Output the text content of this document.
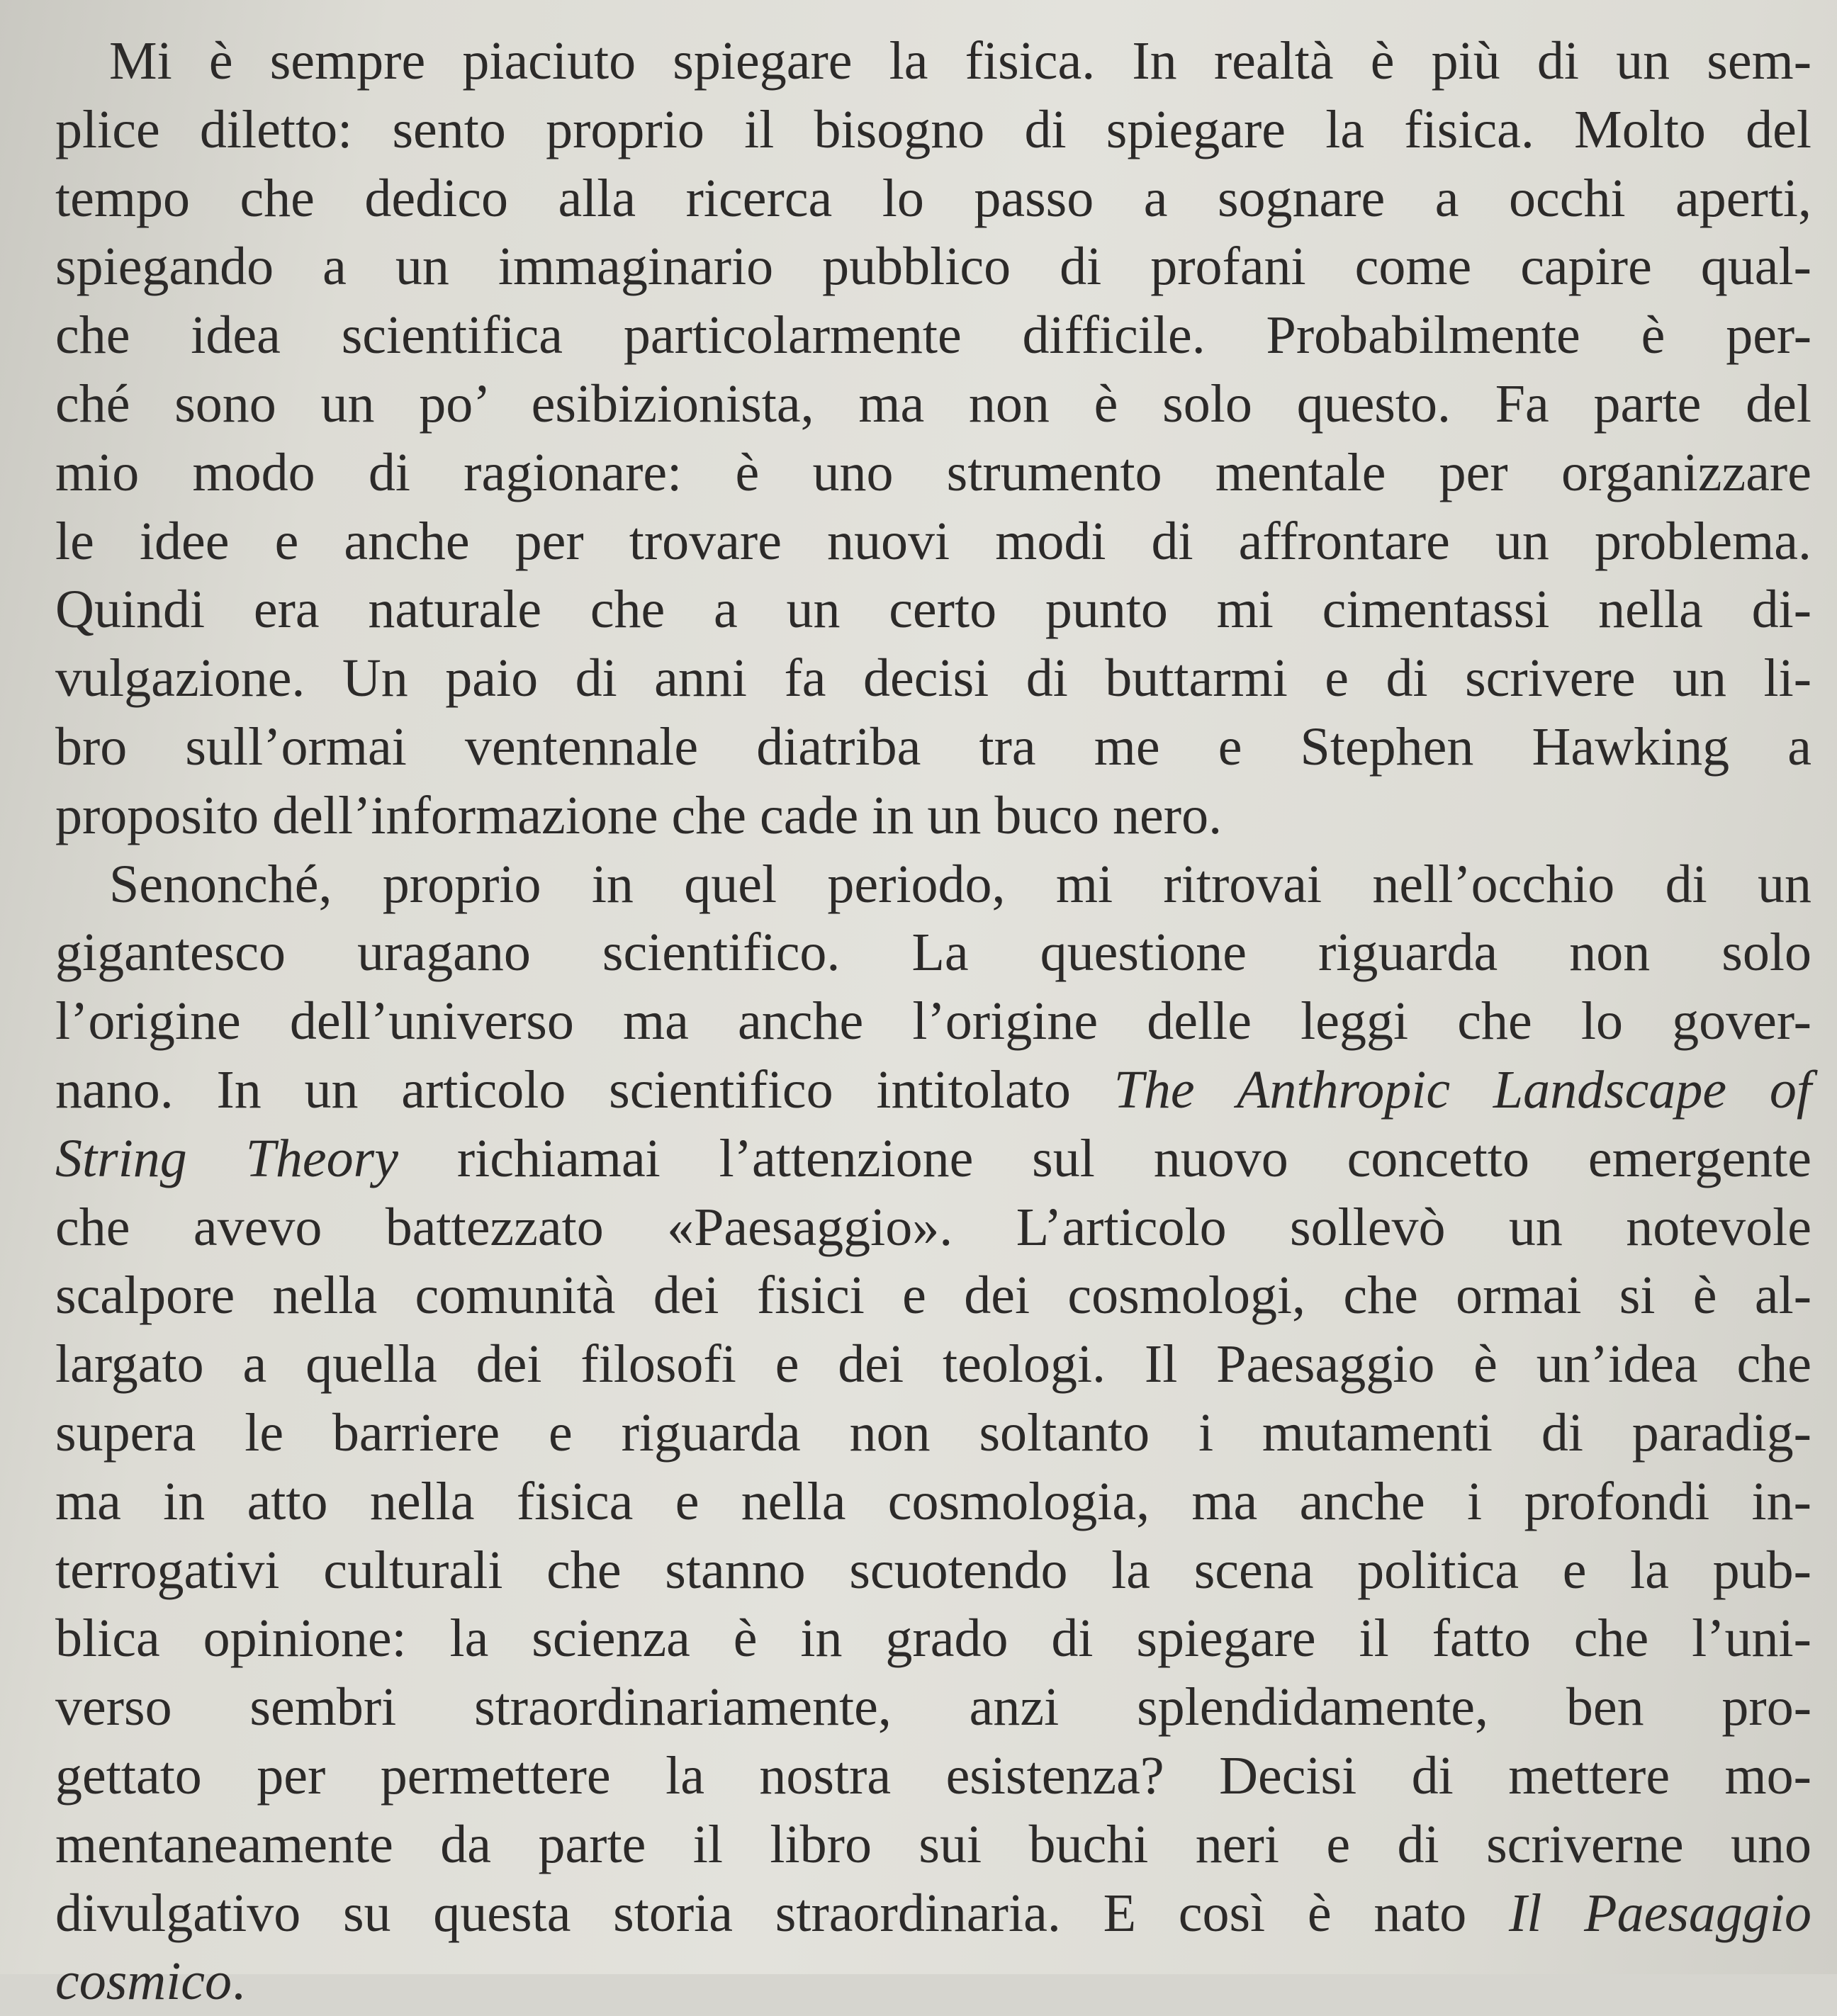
Mi è sempre piaciuto spiegare la fisica. In realtà è più di un sem-
plice diletto: sento proprio il bisogno di spiegare la fisica. Molto del
tempo che dedico alla ricerca lo passo a sognare a occhi aperti,
spiegando a un immaginario pubblico di profani come capire qual-
che idea scientifica particolarmente difficile. Probabilmente è per-
ché sono un po’ esibizionista, ma non è solo questo. Fa parte del
mio modo di ragionare: è uno strumento mentale per organizzare
le idee e anche per trovare nuovi modi di affrontare un problema.
Quindi era naturale che a un certo punto mi cimentassi nella di-
vulgazione. Un paio di anni fa decisi di buttarmi e di scrivere un li-
bro sull’ormai ventennale diatriba tra me e Stephen Hawking a
proposito dell’informazione che cade in un buco nero.
Senonché, proprio in quel periodo, mi ritrovai nell’occhio di un
gigantesco uragano scientifico. La questione riguarda non solo
l’origine dell’universo ma anche l’origine delle leggi che lo gover-
nano. In un articolo scientifico intitolato The Anthropic Landscape of
String Theory richiamai l’attenzione sul nuovo concetto emergente
che avevo battezzato «Paesaggio». L’articolo sollevò un notevole
scalpore nella comunità dei fisici e dei cosmologi, che ormai si è al-
largato a quella dei filosofi e dei teologi. Il Paesaggio è un’idea che
supera le barriere e riguarda non soltanto i mutamenti di paradig-
ma in atto nella fisica e nella cosmologia, ma anche i profondi in-
terrogativi culturali che stanno scuotendo la scena politica e la pub-
blica opinione: la scienza è in grado di spiegare il fatto che l’uni-
verso sembri straordinariamente, anzi splendidamente, ben pro-
gettato per permettere la nostra esistenza? Decisi di mettere mo-
mentaneamente da parte il libro sui buchi neri e di scriverne uno
divulgativo su questa storia straordinaria. E così è nato Il Paesaggio
cosmico.
